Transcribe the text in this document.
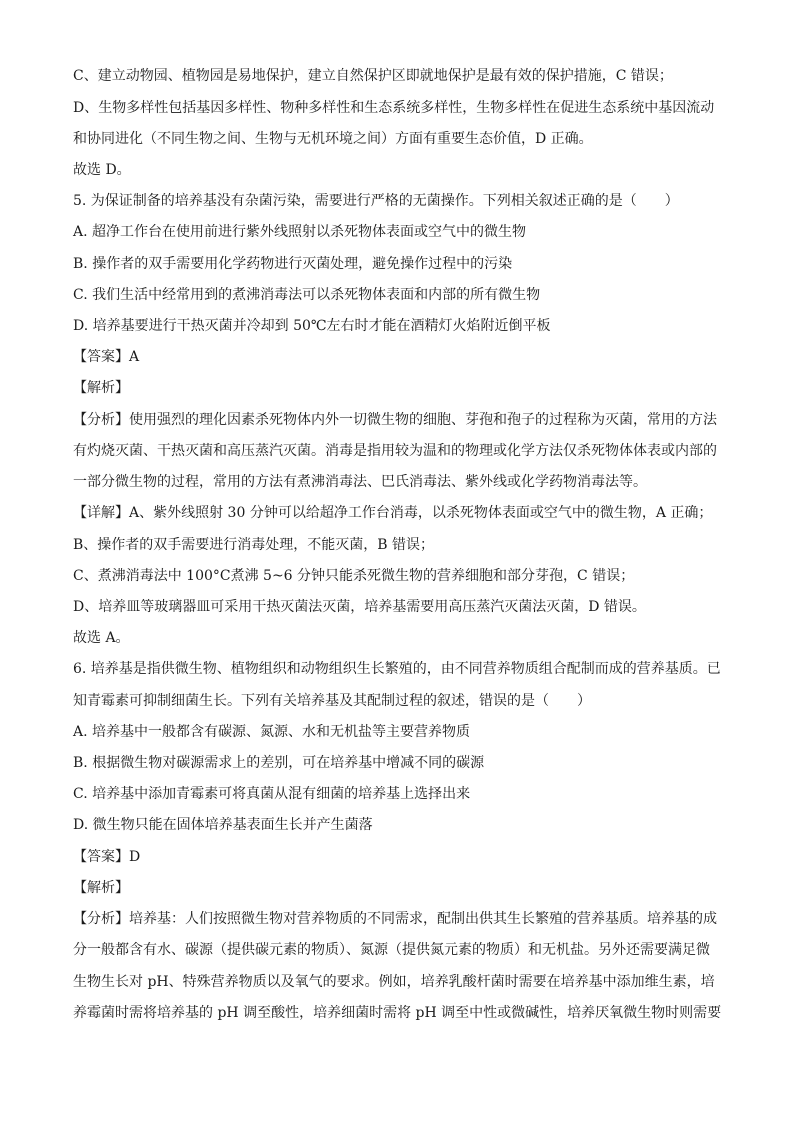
C、建立动物园、植物园是易地保护，建立自然保护区即就地保护是最有效的保护措施，C 错误；
D、生物多样性包括基因多样性、物种多样性和生态系统多样性，生物多样性在促进生态系统中基因流动
和协同进化（不同生物之间、生物与无机环境之间）方面有重要生态价值，D 正确。
故选 D。
5. 为保证制备的培养基没有杂菌污染，需要进行严格的无菌操作。下列相关叙述正确的是（　　）
A. 超净工作台在使用前进行紫外线照射以杀死物体表面或空气中的微生物
B. 操作者的双手需要用化学药物进行灭菌处理，避免操作过程中的污染
C. 我们生活中经常用到的煮沸消毒法可以杀死物体表面和内部的所有微生物
D. 培养基要进行干热灭菌并冷却到 50℃左右时才能在酒精灯火焰附近倒平板
【答案】A
【解析】
【分析】使用强烈的理化因素杀死物体内外一切微生物的细胞、芽孢和孢子的过程称为灭菌，常用的方法
有灼烧灭菌、干热灭菌和高压蒸汽灭菌。消毒是指用较为温和的物理或化学方法仅杀死物体体表或内部的
一部分微生物的过程，常用的方法有煮沸消毒法、巴氏消毒法、紫外线或化学药物消毒法等。
【详解】A、紫外线照射 30 分钟可以给超净工作台消毒，以杀死物体表面或空气中的微生物，A 正确；
B、操作者的双手需要进行消毒处理，不能灭菌，B 错误；
C、煮沸消毒法中 100°C煮沸 5~6 分钟只能杀死微生物的营养细胞和部分芽孢，C 错误；
D、培养皿等玻璃器皿可采用干热灭菌法灭菌，培养基需要用高压蒸汽灭菌法灭菌，D 错误。
故选 A。
6. 培养基是指供微生物、植物组织和动物组织生长繁殖的，由不同营养物质组合配制而成的营养基质。已
知青霉素可抑制细菌生长。下列有关培养基及其配制过程的叙述，错误的是（　　）
A. 培养基中一般都含有碳源、氮源、水和无机盐等主要营养物质
B. 根据微生物对碳源需求上的差别，可在培养基中增减不同的碳源
C. 培养基中添加青霉素可将真菌从混有细菌的培养基上选择出来
D. 微生物只能在固体培养基表面生长并产生菌落
【答案】D
【解析】
【分析】培养基：人们按照微生物对营养物质的不同需求，配制出供其生长繁殖的营养基质。培养基的成
分一般都含有水、碳源（提供碳元素的物质）、氮源（提供氮元素的物质）和无机盐。另外还需要满足微
生物生长对 pH、特殊营养物质以及氧气的要求。例如，培养乳酸杆菌时需要在培养基中添加维生素，培
养霉菌时需将培养基的 pH 调至酸性，培养细菌时需将 pH 调至中性或微碱性，培养厌氧微生物时则需要
